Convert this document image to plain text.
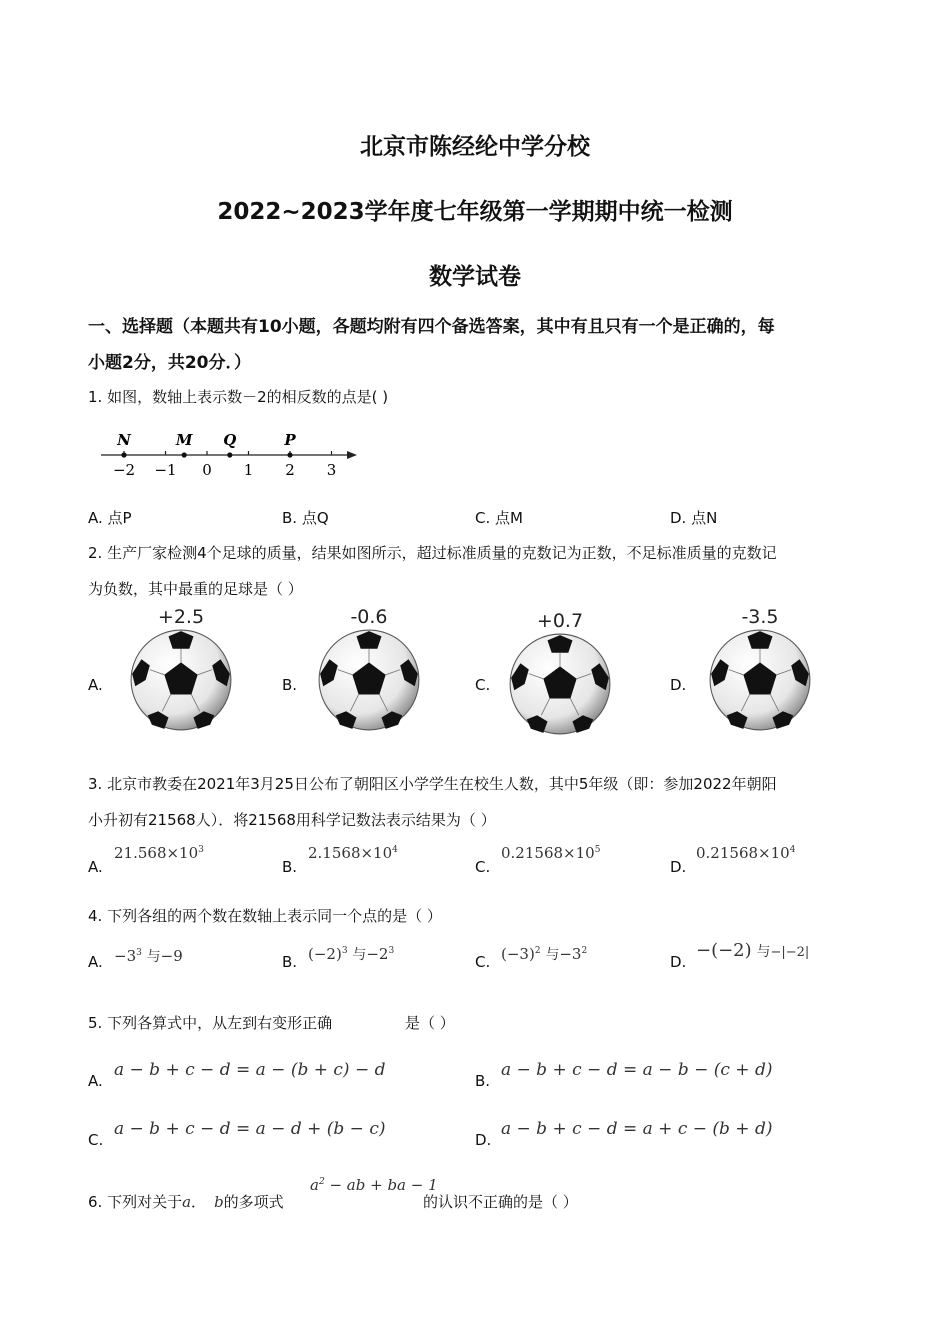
北京市陈经纶中学分校
2022~2023学年度七年级第一学期期中统一检测
数学试卷
一、选择题（本题共有10小题，各题均附有四个备选答案，其中有且只有一个是正确的，每
小题2分，共20分．）
1. 如图，数轴上表示数－2的相反数的点是( )
−2 −1 0 1 2 3
N	M Q	P
A. 点P	B. 点Q	C. 点M	D. 点N
2. 生产厂家检测4个足球的质量，结果如图所示，超过标准质量的克数记为正数，不足标准质量的克数记
为负数，其中最重的足球是（ ）
A.	B.	C.	D.
+2.5	-0.6	+0.7	-3.5
3. 北京市教委在2021年3月25日公布了朝阳区小学学生在校生人数，其中5年级（即：参加2022年朝阳
小升初有21568人）．将21568用科学记数法表示结果为（ ）
A.
$21.568\times 10^3$
B.
$2.1568\times 10^4$
C.
$0.21568\times 10^5$
D.
$0.21568\times 10^4$
4. 下列各组的两个数在数轴上表示同一个点的是（ ）
A. $-3^3$ 与−9	B. $(-2)^3$ 与$-2^3$
C. $(-3)^2$ 与$-3^2$
D.
−(−2) 与−|−2|
5. 下列各算式中，从左到右变形正确	是（ ）
A.
a − b + c − d = a − (b + c) − d
B.
a − b + c − d = a − b − (c + d)
C.
a − b + c − d = a − d + (b − c)
D.
a − b + c − d = a + c − (b + d)
6. 下列对关于a． b的多项式
$a^2$ − ab + ba − 1
的认识不正确的是（ ）
